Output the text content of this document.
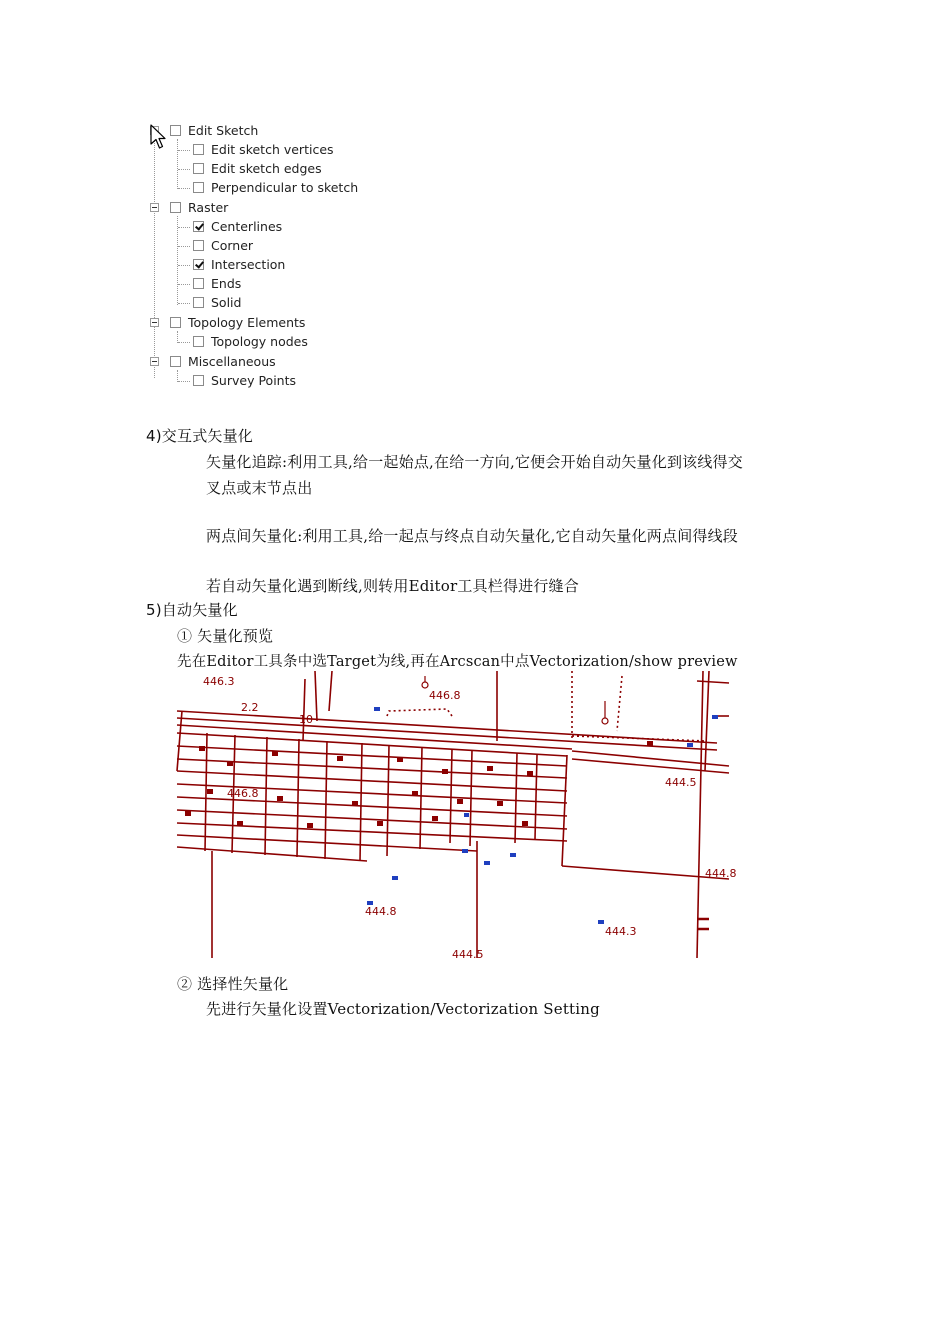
Edit Sketch
Edit sketch vertices
Edit sketch edges
Perpendicular to sketch
Raster
Centerlines
Corner
Intersection
Ends
Solid
Topology Elements
Topology nodes
Miscellaneous
Survey Points
4)交互式矢量化
矢量化追踪:利用工具,给一起始点,在给一方向,它便会开始自动矢量化到该线得交
叉点或末节点出
两点间矢量化:利用工具,给一起点与终点自动矢量化,它自动矢量化两点间得线段
若自动矢量化遇到断线,则转用Editor工具栏得进行缝合
5)自动矢量化
① 矢量化预览
先在Editor工具条中选Target为线,再在Arcscan中点Vectorization/show preview
446.3
2.2
10
446.8
446.8
444.5
444.8
444.3
444.5
444.8
② 选择性矢量化
先进行矢量化设置Vectorization/Vectorization Setting
